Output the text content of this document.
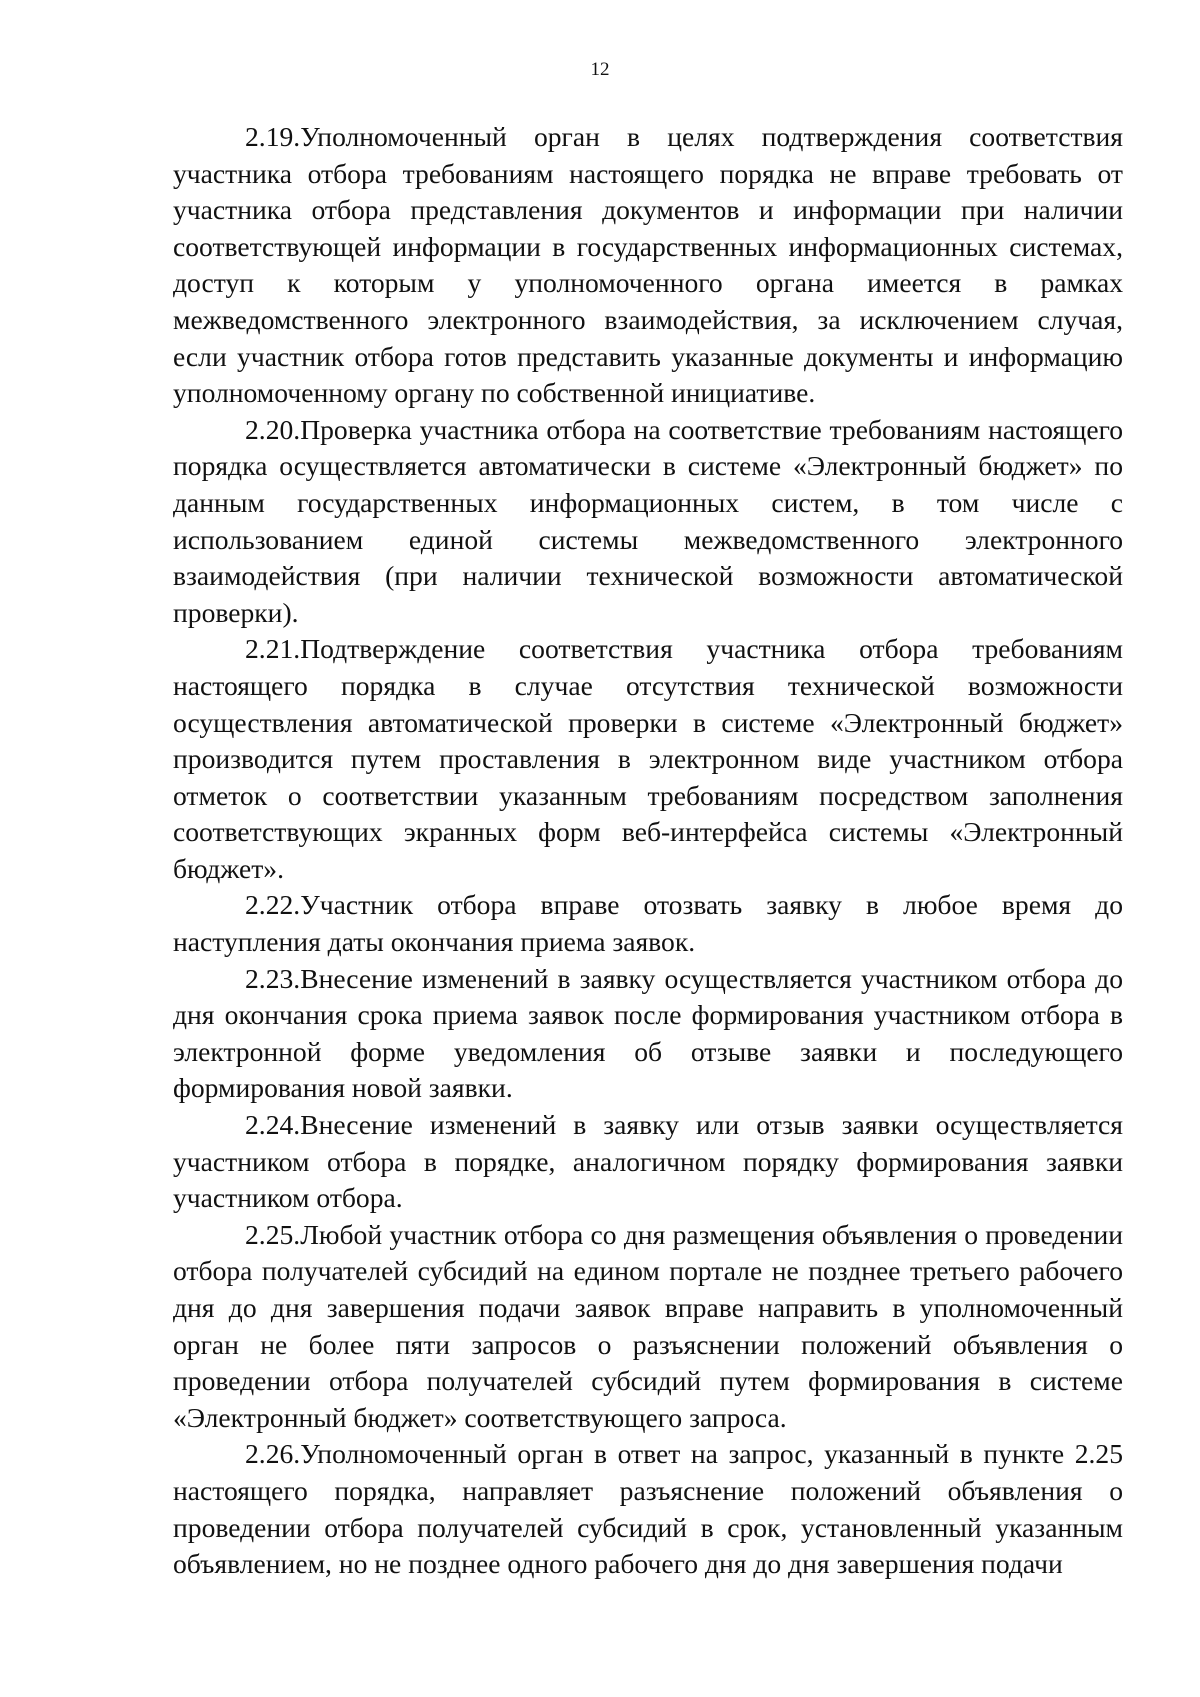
12

2.19.Уполномоченный орган в целях подтверждения соответствия участника отбора требованиям настоящего порядка не вправе требовать от участника отбора представления документов и информации при наличии соответствующей информации в государственных информационных системах, доступ к которым у уполномоченного органа имеется в рамках межведомственного электронного взаимодействия, за исключением случая, если участник отбора готов представить указанные документы и информацию уполномоченному органу по собственной инициативе.

2.20.Проверка участника отбора на соответствие требованиям настоящего порядка осуществляется автоматически в системе «Электронный бюджет» по данным государственных информационных систем, в том числе с использованием единой системы межведомственного электронного взаимодействия (при наличии технической возможности автоматической проверки).

2.21.Подтверждение соответствия участника отбора требованиям настоящего порядка в случае отсутствия технической возможности осуществления автоматической проверки в системе «Электронный бюджет» производится путем проставления в электронном виде участником отбора отметок о соответствии указанным требованиям посредством заполнения соответствующих экранных форм веб-интерфейса системы «Электронный бюджет».

2.22.Участник отбора вправе отозвать заявку в любое время до наступления даты окончания приема заявок.

2.23.Внесение изменений в заявку осуществляется участником отбора до дня окончания срока приема заявок после формирования участником отбора в электронной форме уведомления об отзыве заявки и последующего формирования новой заявки.

2.24.Внесение изменений в заявку или отзыв заявки осуществляется участником отбора в порядке, аналогичном порядку формирования заявки участником отбора.

2.25.Любой участник отбора со дня размещения объявления о проведении отбора получателей субсидий на едином портале не позднее третьего рабочего дня до дня завершения подачи заявок вправе направить в уполномоченный орган не более пяти запросов о разъяснении положений объявления о проведении отбора получателей субсидий путем формирования в системе «Электронный бюджет» соответствующего запроса.

2.26.Уполномоченный орган в ответ на запрос, указанный в пункте 2.25 настоящего порядка, направляет разъяснение положений объявления о проведении отбора получателей субсидий в срок, установленный указанным объявлением, но не позднее одного рабочего дня до дня завершения подачи
